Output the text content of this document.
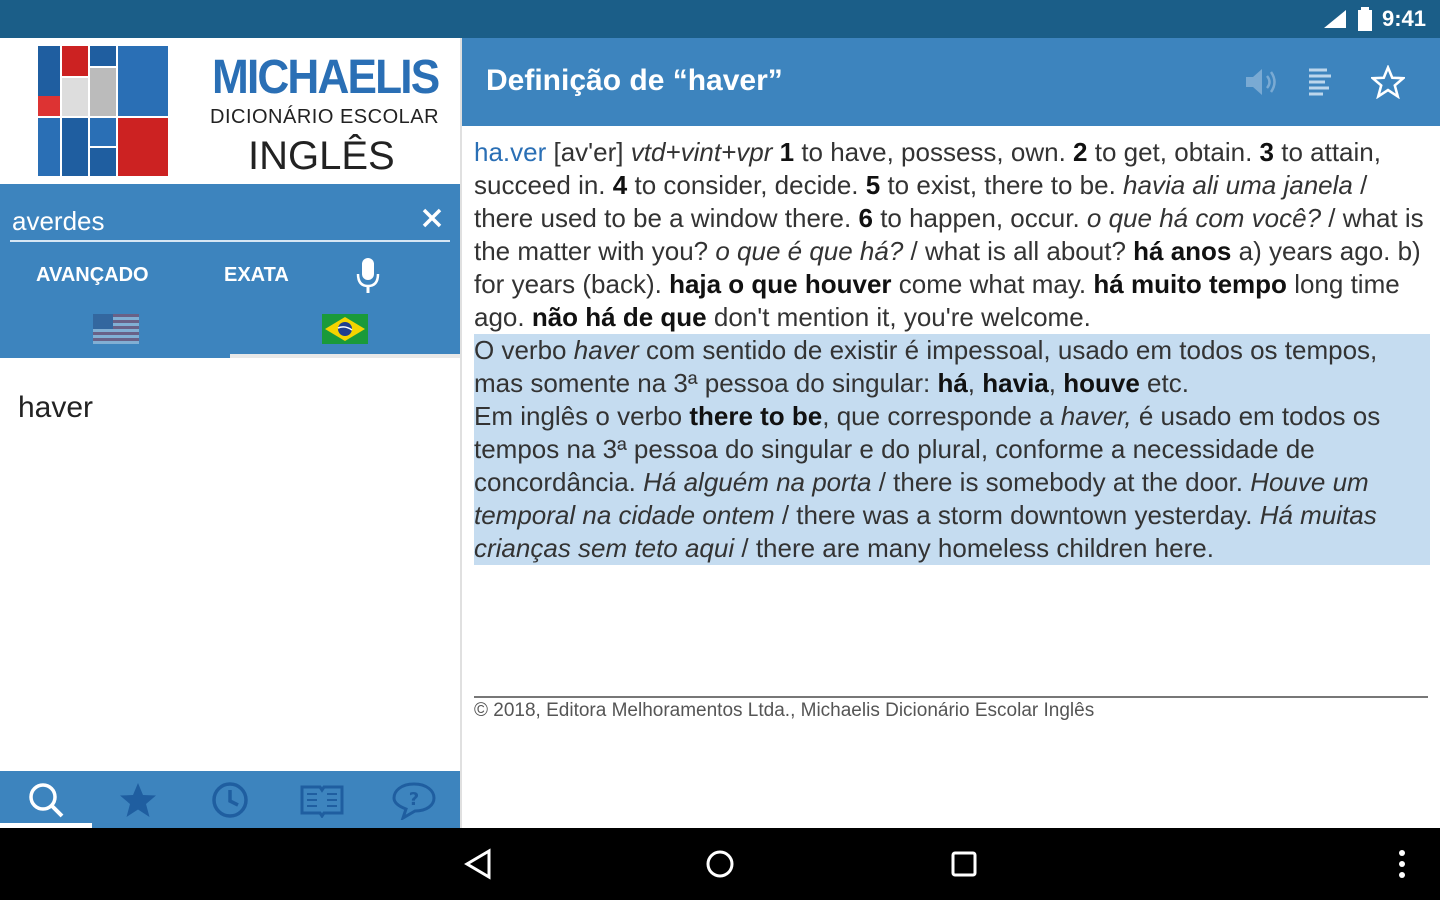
9:41
MICHAELIS
DICIONÁRIO ESCOLAR
INGLÊS
averdes
AVANÇADO	EXATA
haver
?
Definição de “haver”
ha.ver [av'er] vtd+vint+vpr 1 to have, possess, own. 2 to get, obtain. 3 to attain, succeed in. 4 to consider, decide. 5 to exist, there to be. havia ali uma janela / there used to be a window there. 6 to happen, occur. o que há com você? / what is the matter with you? o que é que há? / what is all about? há anos a) years ago. b) for years (back). haja o que houver come what may. há muito tempo long time ago. não há de que don't mention it, you're welcome.
O verbo haver com sentido de existir é impessoal, usado em todos os tempos, mas somente na 3ª pessoa do singular: há, havia, houve etc.
Em inglês o verbo there to be, que corresponde a haver, é usado em todos os tempos na 3ª pessoa do singular e do plural, conforme a necessidade de concordância. Há alguém na porta / there is somebody at the door. Houve um temporal na cidade ontem / there was a storm downtown yesterday. Há muitas crianças sem teto aqui / there are many homeless children here.
© 2018, Editora Melhoramentos Ltda., Michaelis Dicionário Escolar Inglês
